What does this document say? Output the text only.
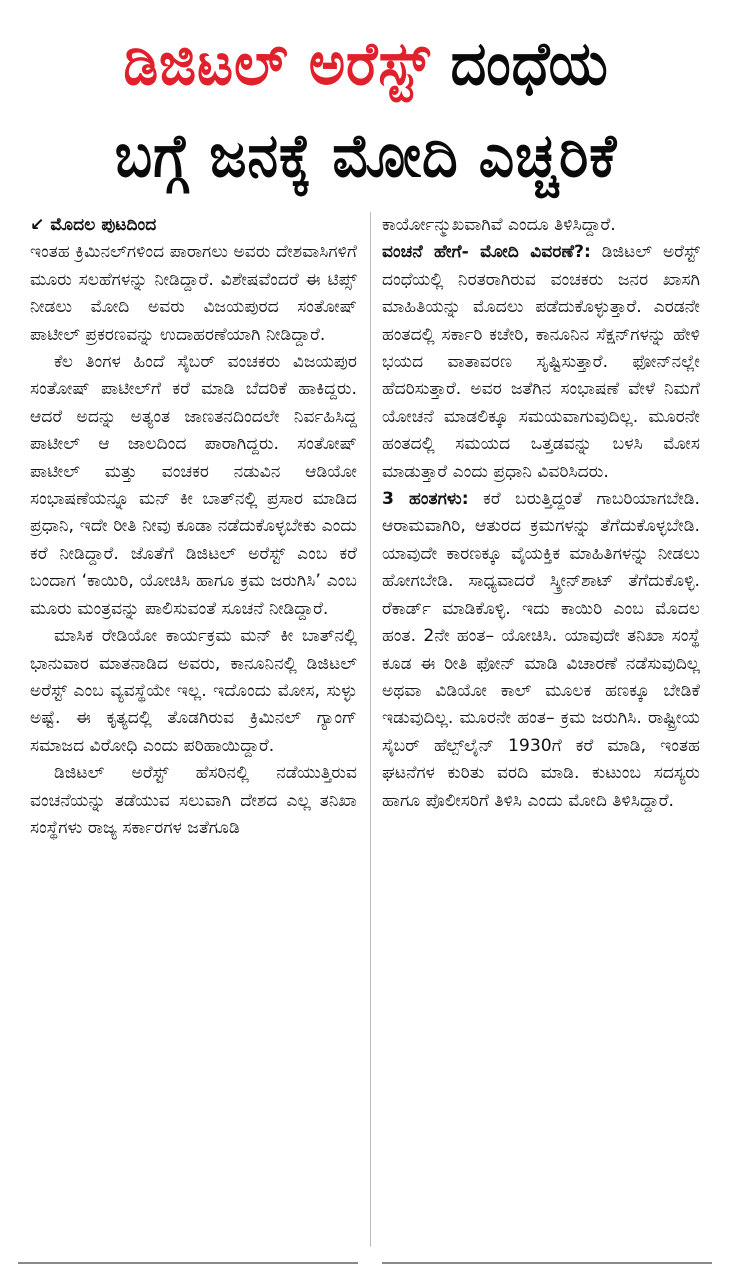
ಡಿಜಿಟಲ್ ಅರೆಸ್ಟ್ ದಂಧೆಯ
ಬಗ್ಗೆ ಜನಕ್ಕೆ ಮೋದಿ ಎಚ್ಚರಿಕೆ

↙ ಮೊದಲ ಪುಟದಿಂದ

ಇಂತಹ ಕ್ರಿಮಿನಲ್‌ಗಳಿಂದ ಪಾರಾಗಲು ಅವರು ದೇಶವಾಸಿಗಳಿಗೆ ಮೂರು ಸಲಹೆಗಳನ್ನು ನೀಡಿದ್ದಾರೆ. ವಿಶೇಷವೆಂದರೆ ಈ ಟಿಪ್ಸ್ ನೀಡಲು ಮೋದಿ ಅವರು ವಿಜಯಪುರದ ಸಂತೋಷ್ ಪಾಟೀಲ್ ಪ್ರಕರಣವನ್ನು ಉದಾಹರಣೆಯಾಗಿ ನೀಡಿದ್ದಾರೆ.

ಕೆಲ ತಿಂಗಳ ಹಿಂದೆ ಸೈಬರ್ ವಂಚಕರು ವಿಜಯಪುರ ಸಂತೋಷ್ ಪಾಟೀಲ್‌ಗೆ ಕರೆ ಮಾಡಿ ಬೆದರಿಕೆ ಹಾಕಿದ್ದರು. ಆದರೆ ಅದನ್ನು ಅತ್ಯಂತ ಜಾಣತನದಿಂದಲೇ ನಿರ್ವಹಿಸಿದ್ದ ಪಾಟೀಲ್ ಆ ಜಾಲದಿಂದ ಪಾರಾಗಿದ್ದರು. ಸಂತೋಷ್ ಪಾಟೀಲ್ ಮತ್ತು ವಂಚಕರ ನಡುವಿನ ಆಡಿಯೋ ಸಂಭಾಷಣೆಯನ್ನೂ ಮನ್ ಕೀ ಬಾತ್‌ನಲ್ಲಿ ಪ್ರಸಾರ ಮಾಡಿದ ಪ್ರಧಾನಿ, ಇದೇ ರೀತಿ ನೀವು ಕೂಡಾ ನಡೆದುಕೊಳ್ಳಬೇಕು ಎಂದು ಕರೆ ನೀಡಿದ್ದಾರೆ. ಜೊತೆಗೆ ಡಿಜಿಟಲ್ ಅರೆಸ್ಟ್ ಎಂಬ ಕರೆ ಬಂದಾಗ ‘ಕಾಯಿರಿ, ಯೋಚಿಸಿ ಹಾಗೂ ಕ್ರಮ ಜರುಗಿಸಿ’ ಎಂಬ ಮೂರು ಮಂತ್ರವನ್ನು ಪಾಲಿಸುವಂತೆ ಸೂಚನೆ ನೀಡಿದ್ದಾರೆ.

ಮಾಸಿಕ ರೇಡಿಯೋ ಕಾರ್ಯಕ್ರಮ ಮನ್ ಕೀ ಬಾತ್‌ನಲ್ಲಿ ಭಾನುವಾರ ಮಾತನಾಡಿದ ಅವರು, ಕಾನೂನಿನಲ್ಲಿ ಡಿಜಿಟಲ್ ಅರೆಸ್ಟ್ ಎಂಬ ವ್ಯವಸ್ಥೆಯೇ ಇಲ್ಲ. ಇದೊಂದು ಮೋಸ, ಸುಳ್ಳು ಅಷ್ಟೆ. ಈ ಕೃತ್ಯದಲ್ಲಿ ತೊಡಗಿರುವ ಕ್ರಿಮಿನಲ್ ಗ್ಯಾಂಗ್ ಸಮಾಜದ ವಿರೋಧಿ ಎಂದು ಪರಿಹಾಯಿದ್ದಾರೆ.

ಡಿಜಿಟಲ್ ಅರೆಸ್ಟ್ ಹೆಸರಿನಲ್ಲಿ ನಡೆಯುತ್ತಿರುವ ವಂಚನೆಯನ್ನು ತಡೆಯುವ ಸಲುವಾಗಿ ದೇಶದ ಎಲ್ಲ ತನಿಖಾ ಸಂಸ್ಥೆಗಳು ರಾಜ್ಯ ಸರ್ಕಾರಗಳ ಜತೆಗೂಡಿ

ಕಾರ್ಯೋನ್ಮುಖವಾಗಿವೆ ಎಂದೂ ತಿಳಿಸಿದ್ದಾರೆ.

ವಂಚನೆ ಹೇಗೆ- ಮೋದಿ ವಿವರಣೆ?: ಡಿಜಿಟಲ್ ಅರೆಸ್ಟ್ ದಂಧೆಯಲ್ಲಿ ನಿರತರಾಗಿರುವ ವಂಚಕರು ಜನರ ಖಾಸಗಿ ಮಾಹಿತಿಯನ್ನು ಮೊದಲು ಪಡೆದುಕೊಳ್ಳುತ್ತಾರೆ. ಎರಡನೇ ಹಂತದಲ್ಲಿ ಸರ್ಕಾರಿ ಕಚೇರಿ, ಕಾನೂನಿನ ಸೆಕ್ಷನ್‌ಗಳನ್ನು ಹೇಳಿ ಭಯದ ವಾತಾವರಣ ಸೃಷ್ಟಿಸುತ್ತಾರೆ. ಫೋನ್‌ನಲ್ಲೇ ಹೆದರಿಸುತ್ತಾರೆ. ಅವರ ಜತೆಗಿನ ಸಂಭಾಷಣೆ ವೇಳೆ ನಿಮಗೆ ಯೋಚನೆ ಮಾಡಲಿಕ್ಕೂ ಸಮಯವಾಗುವುದಿಲ್ಲ. ಮೂರನೇ ಹಂತದಲ್ಲಿ ಸಮಯದ ಒತ್ತಡವನ್ನು ಬಳಸಿ ಮೋಸ ಮಾಡುತ್ತಾರೆ ಎಂದು ಪ್ರಧಾನಿ ವಿವರಿಸಿದರು.

3 ಹಂತಗಳು: ಕರೆ ಬರುತ್ತಿದ್ದಂತೆ ಗಾಬರಿಯಾಗಬೇಡಿ. ಆರಾಮವಾಗಿರಿ, ಆತುರದ ಕ್ರಮಗಳನ್ನು ತೆಗೆದುಕೊಳ್ಳಬೇಡಿ. ಯಾವುದೇ ಕಾರಣಕ್ಕೂ ವೈಯಕ್ತಿಕ ಮಾಹಿತಿಗಳನ್ನು ನೀಡಲು ಹೋಗಬೇಡಿ. ಸಾಧ್ಯವಾದರೆ ಸ್ಕ್ರೀನ್‌ಶಾಟ್ ತೆಗೆದುಕೊಳ್ಳಿ. ರೆಕಾರ್ಡ್ ಮಾಡಿಕೊಳ್ಳಿ. ಇದು ಕಾಯಿರಿ ಎಂಬ ಮೊದಲ ಹಂತ. 2ನೇ ಹಂತ– ಯೋಚಿಸಿ. ಯಾವುದೇ ತನಿಖಾ ಸಂಸ್ಥೆ ಕೂಡ ಈ ರೀತಿ ಫೋನ್ ಮಾಡಿ ವಿಚಾರಣೆ ನಡೆಸುವುದಿಲ್ಲ ಅಥವಾ ವಿಡಿಯೋ ಕಾಲ್ ಮೂಲಕ ಹಣಕ್ಕೂ ಬೇಡಿಕೆ ಇಡುವುದಿಲ್ಲ. ಮೂರನೇ ಹಂತ– ಕ್ರಮ ಜರುಗಿಸಿ. ರಾಷ್ಟ್ರೀಯ ಸೈಬರ್ ಹೆಲ್ಪ್‌ಲೈನ್ 1930ಗೆ ಕರೆ ಮಾಡಿ, ಇಂತಹ ಘಟನೆಗಳ ಕುರಿತು ವರದಿ ಮಾಡಿ. ಕುಟುಂಬ ಸದಸ್ಯರು ಹಾಗೂ ಪೊಲೀಸರಿಗೆ ತಿಳಿಸಿ ಎಂದು ಮೋದಿ ತಿಳಿಸಿದ್ದಾರೆ.
